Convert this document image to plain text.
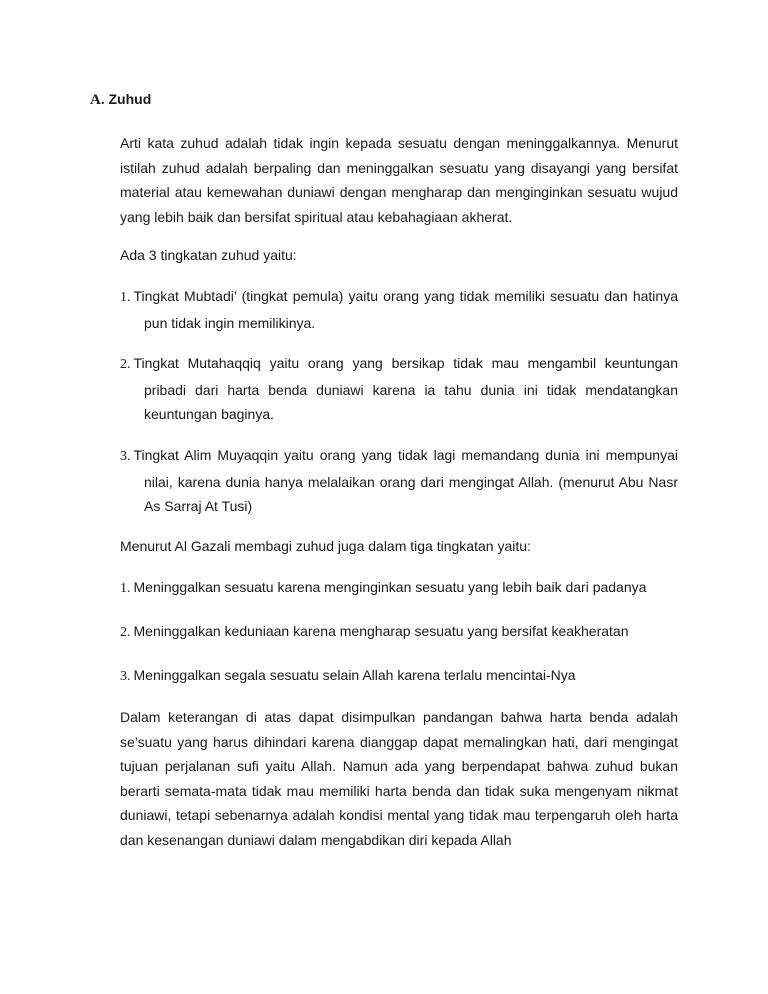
A. Zuhud

Arti kata zuhud adalah tidak ingin kepada sesuatu dengan meninggalkannya. Menurut istilah zuhud adalah berpaling dan meninggalkan sesuatu yang disayangi yang bersifat material atau kemewahan duniawi dengan mengharap dan menginginkan sesuatu wujud yang lebih baik dan bersifat spiritual atau kebahagiaan akherat.

Ada 3 tingkatan zuhud yaitu:

1. Tingkat Mubtadi’ (tingkat pemula) yaitu orang yang tidak memiliki sesuatu dan hatinya pun tidak ingin memilikinya.

2. Tingkat Mutahaqqiq yaitu orang yang bersikap tidak mau mengambil keuntungan pribadi dari harta benda duniawi karena ia tahu dunia ini tidak mendatangkan keuntungan baginya.

3. Tingkat Alim Muyaqqin yaitu orang yang tidak lagi memandang dunia ini mempunyai nilai, karena dunia hanya melalaikan orang dari mengingat Allah. (menurut Abu Nasr As Sarraj At Tusi)

Menurut Al Gazali membagi zuhud juga dalam tiga tingkatan yaitu:

1. Meninggalkan sesuatu karena menginginkan sesuatu yang lebih baik dari padanya

2. Meninggalkan keduniaan karena mengharap sesuatu yang bersifat keakheratan

3. Meninggalkan segala sesuatu selain Allah karena terlalu mencintai-Nya

Dalam keterangan di atas dapat disimpulkan pandangan bahwa harta benda adalah se’suatu yang harus dihindari karena dianggap dapat memalingkan hati, dari mengingat tujuan perjalanan sufi yaitu Allah. Namun ada yang berpendapat bahwa zuhud bukan berarti semata-mata tidak mau memiliki harta benda dan tidak suka mengenyam nikmat duniawi, tetapi sebenarnya adalah kondisi mental yang tidak mau terpengaruh oleh harta dan kesenangan duniawi dalam mengabdikan diri kepada Allah
